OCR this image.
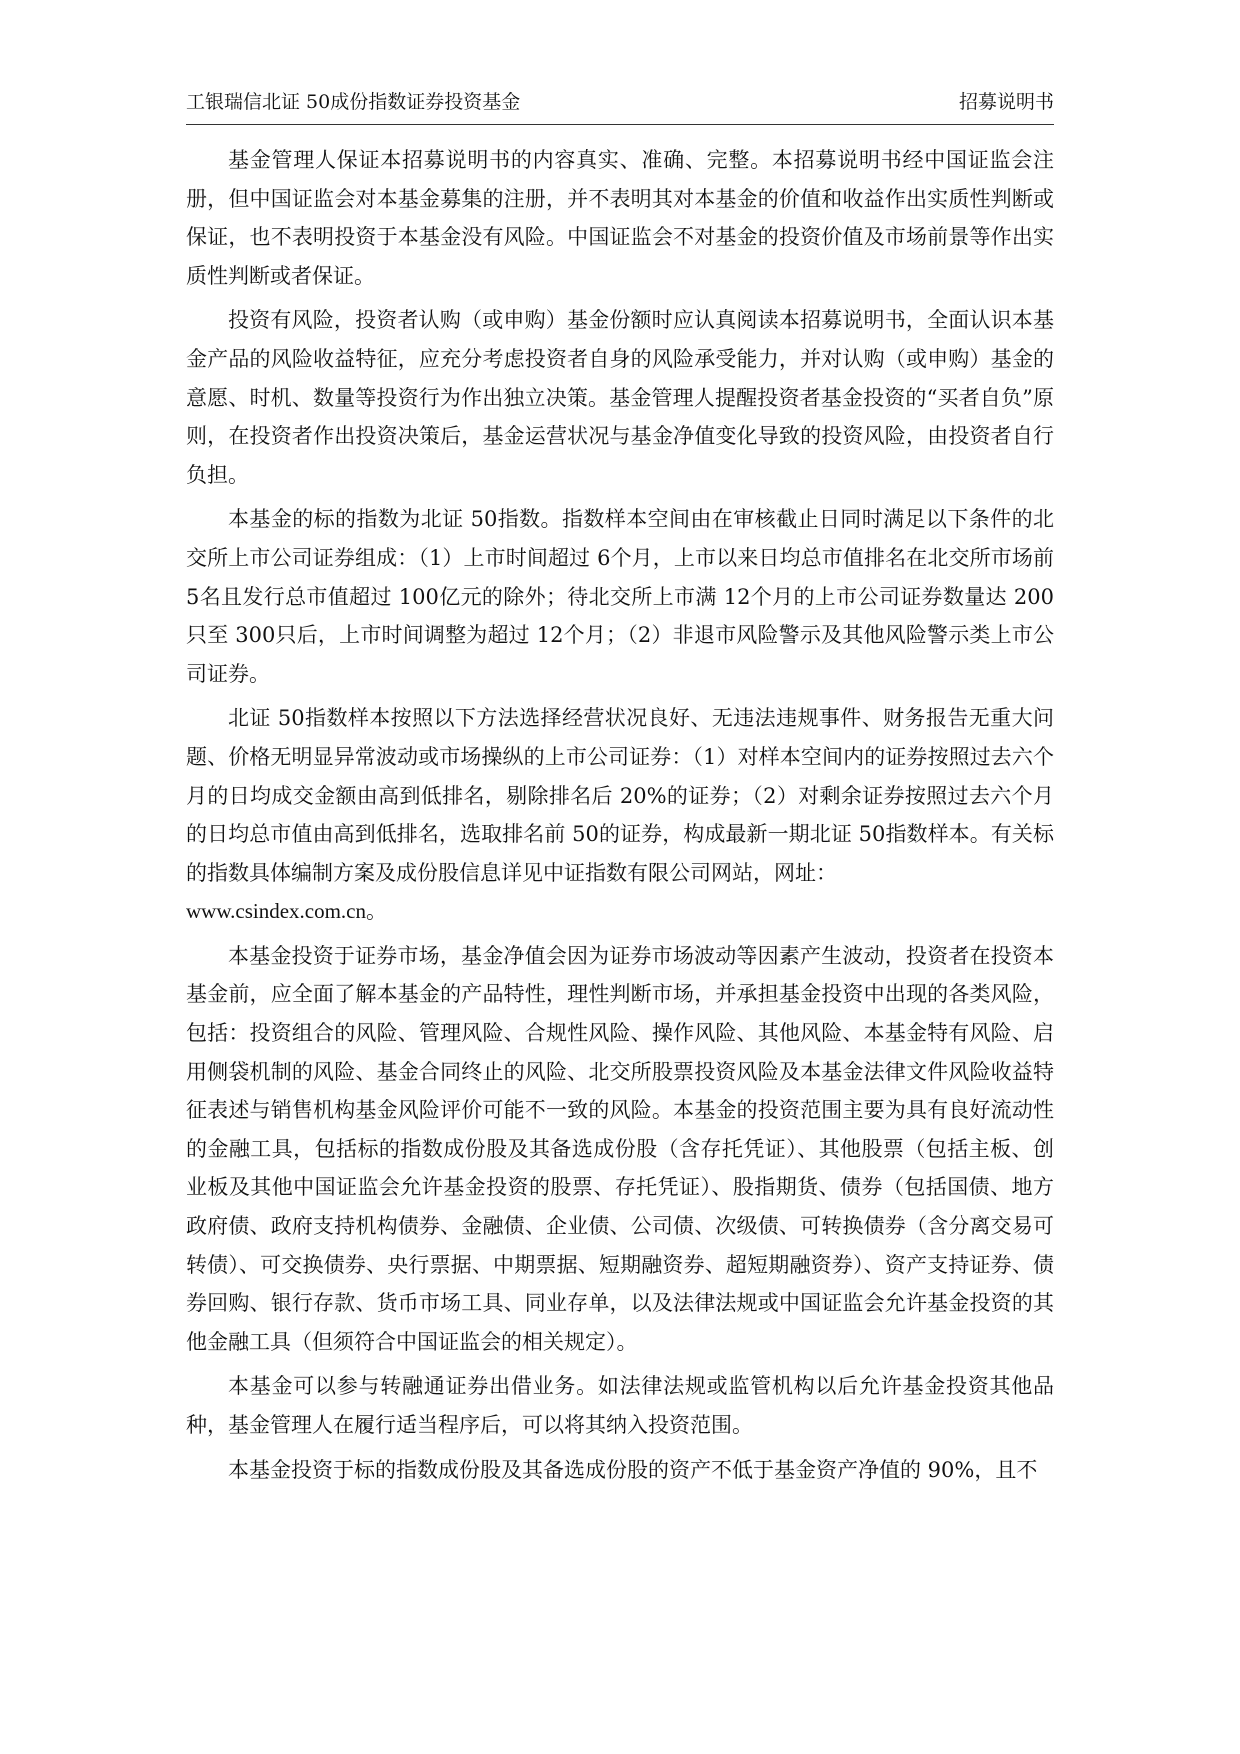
工银瑞信北证 50成份指数证券投资基金	招募说明书

基金管理人保证本招募说明书的内容真实、准确、完整。本招募说明书经中国证监会注册，但中国证监会对本基金募集的注册，并不表明其对本基金的价值和收益作出实质性判断或保证，也不表明投资于本基金没有风险。中国证监会不对基金的投资价值及市场前景等作出实质性判断或者保证。

投资有风险，投资者认购（或申购）基金份额时应认真阅读本招募说明书，全面认识本基金产品的风险收益特征，应充分考虑投资者自身的风险承受能力，并对认购（或申购）基金的意愿、时机、数量等投资行为作出独立决策。基金管理人提醒投资者基金投资的“买者自负”原则，在投资者作出投资决策后，基金运营状况与基金净值变化导致的投资风险，由投资者自行负担。

本基金的标的指数为北证 50指数。指数样本空间由在审核截止日同时满足以下条件的北交所上市公司证券组成：（1）上市时间超过 6个月，上市以来日均总市值排名在北交所市场前 5名且发行总市值超过 100亿元的除外；待北交所上市满 12个月的上市公司证券数量达 200只至 300只后，上市时间调整为超过 12个月；（2）非退市风险警示及其他风险警示类上市公司证券。

北证 50指数样本按照以下方法选择经营状况良好、无违法违规事件、财务报告无重大问题、价格无明显异常波动或市场操纵的上市公司证券：（1）对样本空间内的证券按照过去六个月的日均成交金额由高到低排名，剔除排名后 20%的证券；（2）对剩余证券按照过去六个月的日均总市值由高到低排名，选取排名前 50的证券，构成最新一期北证 50指数样本。有关标的指数具体编制方案及成份股信息详见中证指数有限公司网站，网址：

www.csindex.com.cn。

本基金投资于证券市场，基金净值会因为证券市场波动等因素产生波动，投资者在投资本基金前，应全面了解本基金的产品特性，理性判断市场，并承担基金投资中出现的各类风险，包括：投资组合的风险、管理风险、合规性风险、操作风险、其他风险、本基金特有风险、启用侧袋机制的风险、基金合同终止的风险、北交所股票投资风险及本基金法律文件风险收益特征表述与销售机构基金风险评价可能不一致的风险。本基金的投资范围主要为具有良好流动性的金融工具，包括标的指数成份股及其备选成份股（含存托凭证）、其他股票（包括主板、创业板及其他中国证监会允许基金投资的股票、存托凭证）、股指期货、债券（包括国债、地方政府债、政府支持机构债券、金融债、企业债、公司债、次级债、可转换债券（含分离交易可转债）、可交换债券、央行票据、中期票据、短期融资券、超短期融资券）、资产支持证券、债券回购、银行存款、货币市场工具、同业存单，以及法律法规或中国证监会允许基金投资的其他金融工具（但须符合中国证监会的相关规定）。

本基金可以参与转融通证券出借业务。如法律法规或监管机构以后允许基金投资其他品种，基金管理人在履行适当程序后，可以将其纳入投资范围。

本基金投资于标的指数成份股及其备选成份股的资产不低于基金资产净值的 90%，且不
